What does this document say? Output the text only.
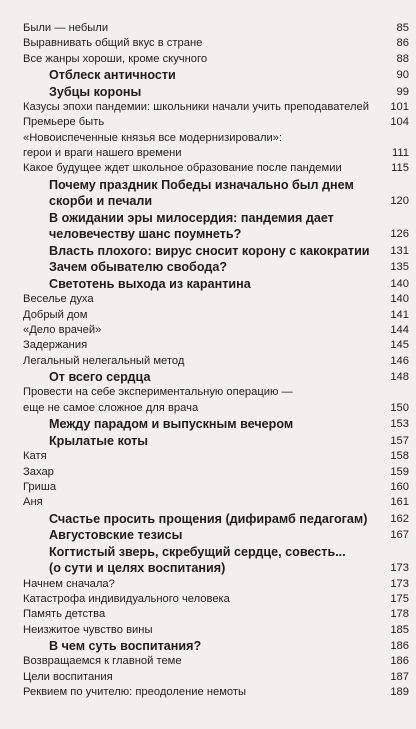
Были — небыли	85
Выравнивать общий вкус в стране	86
Все жанры хороши, кроме скучного	88
Отблеск античности	90
Зубцы короны	99
Казусы эпохи пандемии: школьники начали учить преподавателей	101
Премьере быть	104
«Новоиспеченные князья все модернизировали»:
герои и враги нашего времени	111
Какое будущее ждет школьное образование после пандемии	115
Почему праздник Победы изначально был днем
скорби и печали	120
В ожидании эры милосердия: пандемия дает
человечеству шанс поумнеть?	126
Власть плохого: вирус сносит корону с какократии	131
Зачем обывателю свобода?	135
Светотень выхода из карантина	140
Веселье духа	140
Добрый дом	141
«Дело врачей»	144
Задержания	145
Легальный нелегальный метод	146
От всего сердца	148
Провести на себе экспериментальную операцию —
еще не самое сложное для врача	150
Между парадом и выпускным вечером	153
Крылатые коты	157
Катя	158
Захар	159
Гриша	160
Аня	161
Счастье просить прощения (дифирамб педагогам)	162
Августовские тезисы	167
Когтистый зверь, скребущий сердце, совесть...
(о сути и целях воспитания)	173
Начнем сначала?	173
Катастрофа индивидуального человека	175
Память детства	178
Неизжитое чувство вины	185
В чем суть воспитания?	186
Возвращаемся к главной теме	186
Цели воспитания	187
Реквием по учителю: преодоление немоты	189
